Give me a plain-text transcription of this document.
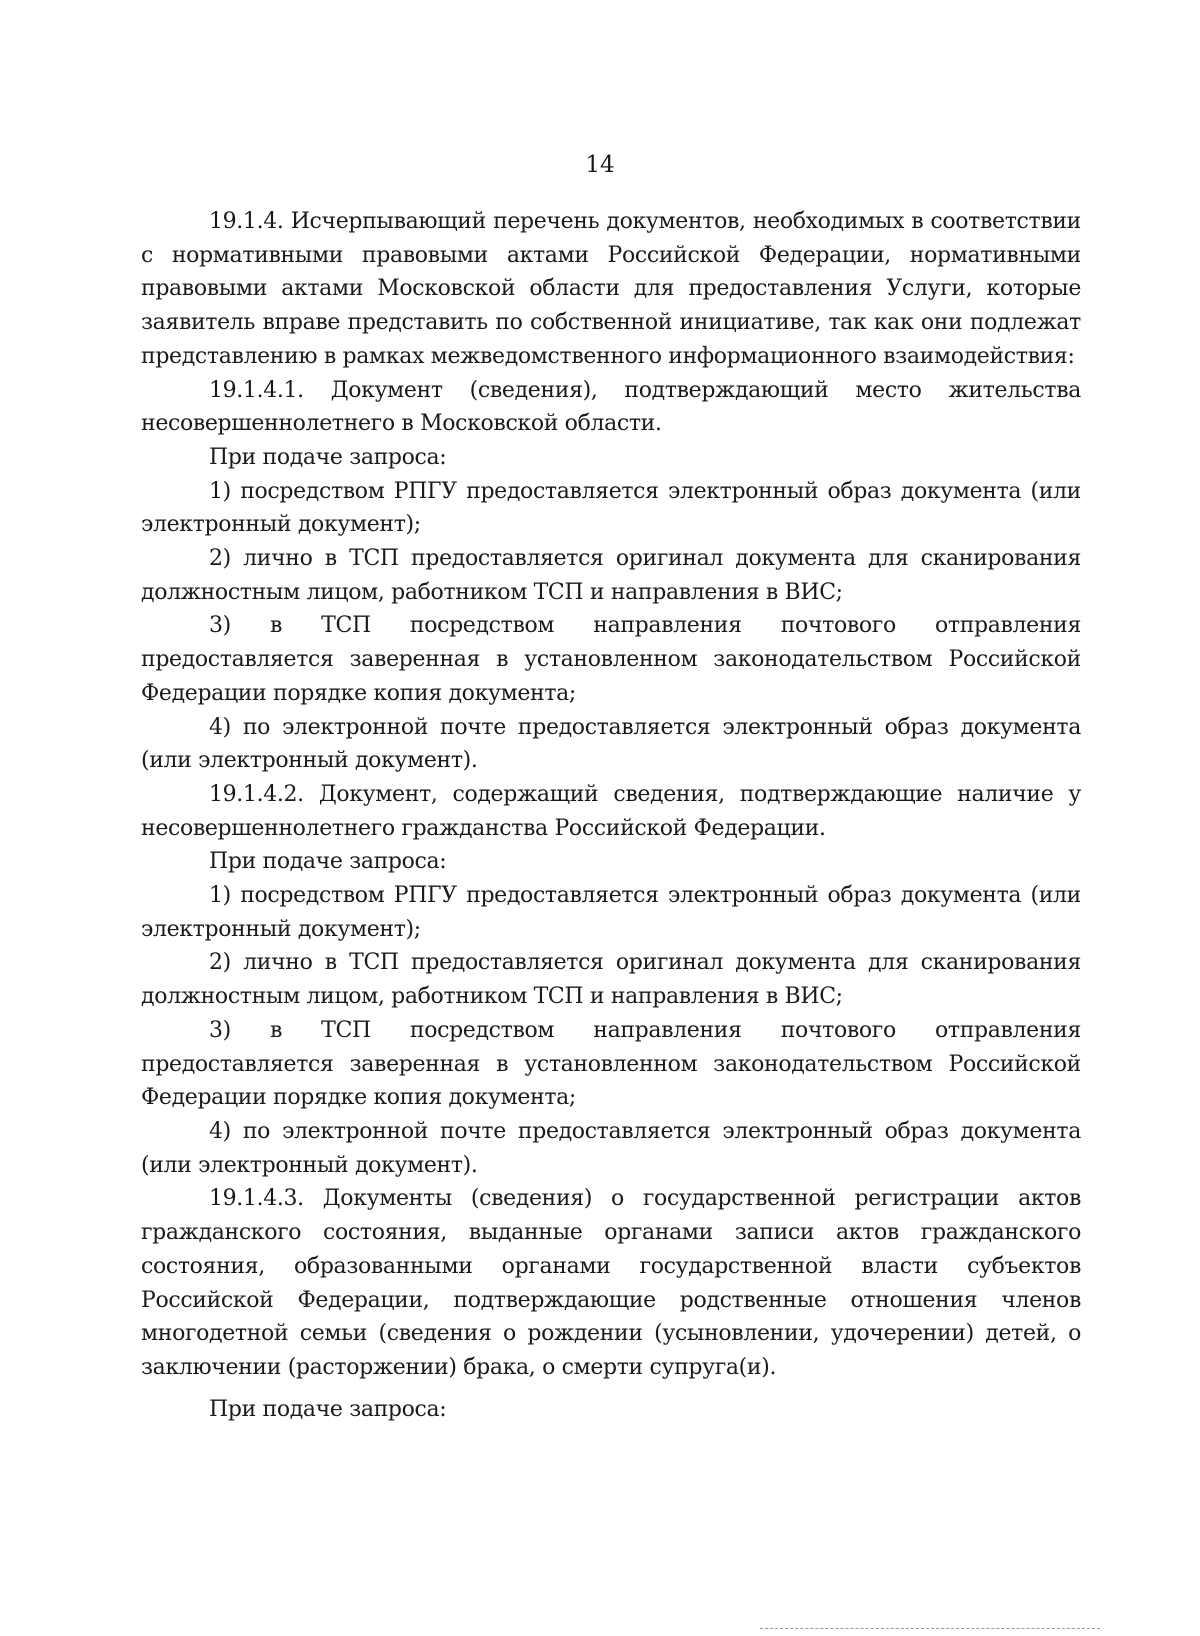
14

19.1.4. Исчерпывающий перечень документов, необходимых в соответствии с нормативными правовыми актами Российской Федерации, нормативными правовыми актами Московской области для предоставления Услуги, которые заявитель вправе представить по собственной инициативе, так как они подлежат представлению в рамках межведомственного информационного взаимодействия:

19.1.4.1. Документ (сведения), подтверждающий место жительства несовершеннолетнего в Московской области.

При подаче запроса:

1) посредством РПГУ предоставляется электронный образ документа (или электронный документ);

2) лично в ТСП предоставляется оригинал документа для сканирования должностным лицом, работником ТСП и направления в ВИС;

3) в ТСП посредством направления почтового отправления предоставляется заверенная в установленном законодательством Российской Федерации порядке копия документа;

4) по электронной почте предоставляется электронный образ документа (или электронный документ).

19.1.4.2. Документ, содержащий сведения, подтверждающие наличие у несовершеннолетнего гражданства Российской Федерации.

При подаче запроса:

1) посредством РПГУ предоставляется электронный образ документа (или электронный документ);

2) лично в ТСП предоставляется оригинал документа для сканирования должностным лицом, работником ТСП и направления в ВИС;

3) в ТСП посредством направления почтового отправления предоставляется заверенная в установленном законодательством Российской Федерации порядке копия документа;

4) по электронной почте предоставляется электронный образ документа (или электронный документ).

19.1.4.3. Документы (сведения) о государственной регистрации актов гражданского состояния, выданные органами записи актов гражданского состояния, образованными органами государственной власти субъектов Российской Федерации, подтверждающие родственные отношения членов многодетной семьи (сведения о рождении (усыновлении, удочерении) детей, о заключении (расторжении) брака, о смерти супруга(и).

При подаче запроса:
